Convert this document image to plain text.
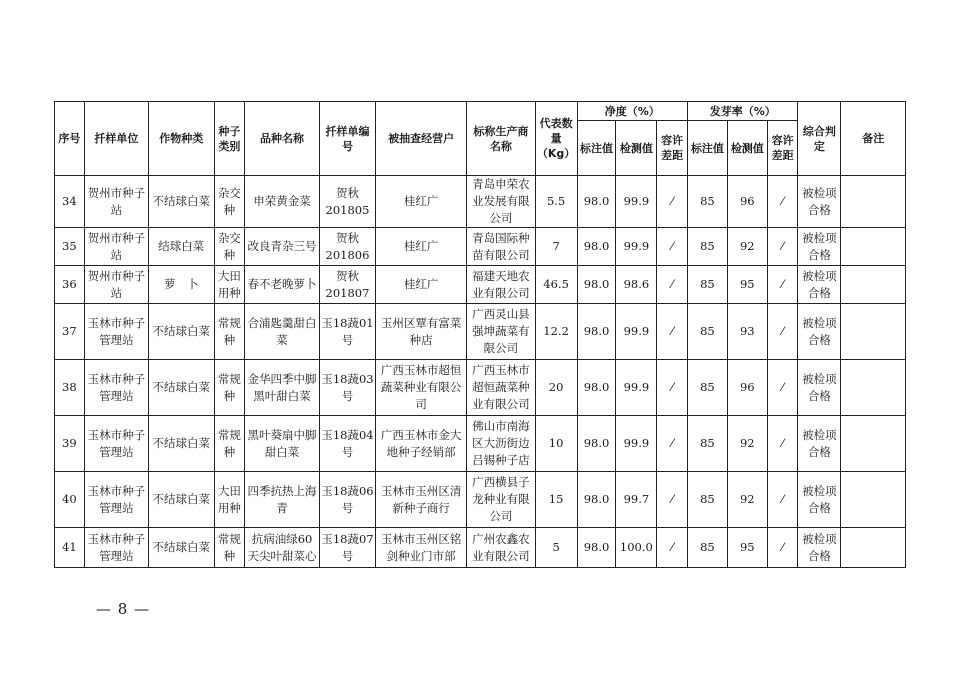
序号	扦样单位	作物种类	种子类别	品种名称	扦样单编号	被抽查经营户	标称生产商名称	代表数量（Kg）	净度（%）			发芽率（%）			综合判定	备注
									标注值	检测值	容许差距	标注值	检测值	容许差距		
34	贺州市种子站	不结球白菜	杂交种	申荣黄金菜	贺秋201805	桂红广	青岛申荣农业发展有限公司	5.5	98.0	99.9	⁄	85	96	⁄	被检项合格	
35	贺州市种子站	结球白菜	杂交种	改良青杂三号	贺秋201806	桂红广	青岛国际种苗有限公司	7	98.0	99.9	⁄	85	92	⁄	被检项合格	
36	贺州市种子站	萝　卜	大田用种	春不老晚萝卜	贺秋201807	桂红广	福建天地农业有限公司	46.5	98.0	98.6	⁄	85	95	⁄	被检项合格	
37	玉林市种子管理站	不结球白菜	常规种	合浦匙羹甜白菜	玉18蔬01号	玉州区覃有富菜种店	广西灵山县强坤蔬菜有限公司	12.2	98.0	99.9	⁄	85	93	⁄	被检项合格	
38	玉林市种子管理站	不结球白菜	常规种	金华四季中脚黑叶甜白菜	玉18蔬03号	广西玉林市超恒蔬菜种业有限公司	广西玉林市超恒蔬菜种业有限公司	20	98.0	99.9	⁄	85	96	⁄	被检项合格	
39	玉林市种子管理站	不结球白菜	常规种	黑叶葵扇中脚甜白菜	玉18蔬04号	广西玉林市金大地种子经销部	佛山市南海区大沥街边吕锡种子店	10	98.0	99.9	⁄	85	92	⁄	被检项合格	
40	玉林市种子管理站	不结球白菜	大田用种	四季抗热上海青	玉18蔬06号	玉林市玉州区清新种子商行	广西横县子龙种业有限公司	15	98.0	99.7	⁄	85	92	⁄	被检项合格	
41	玉林市种子管理站	不结球白菜	常规种	抗病油绿60天尖叶甜菜心	玉18蔬07号	玉林市玉州区铭剑种业门市部	广州农鑫农业有限公司	5	98.0	100.0	⁄	85	95	⁄	被检项合格	
— 8 —
